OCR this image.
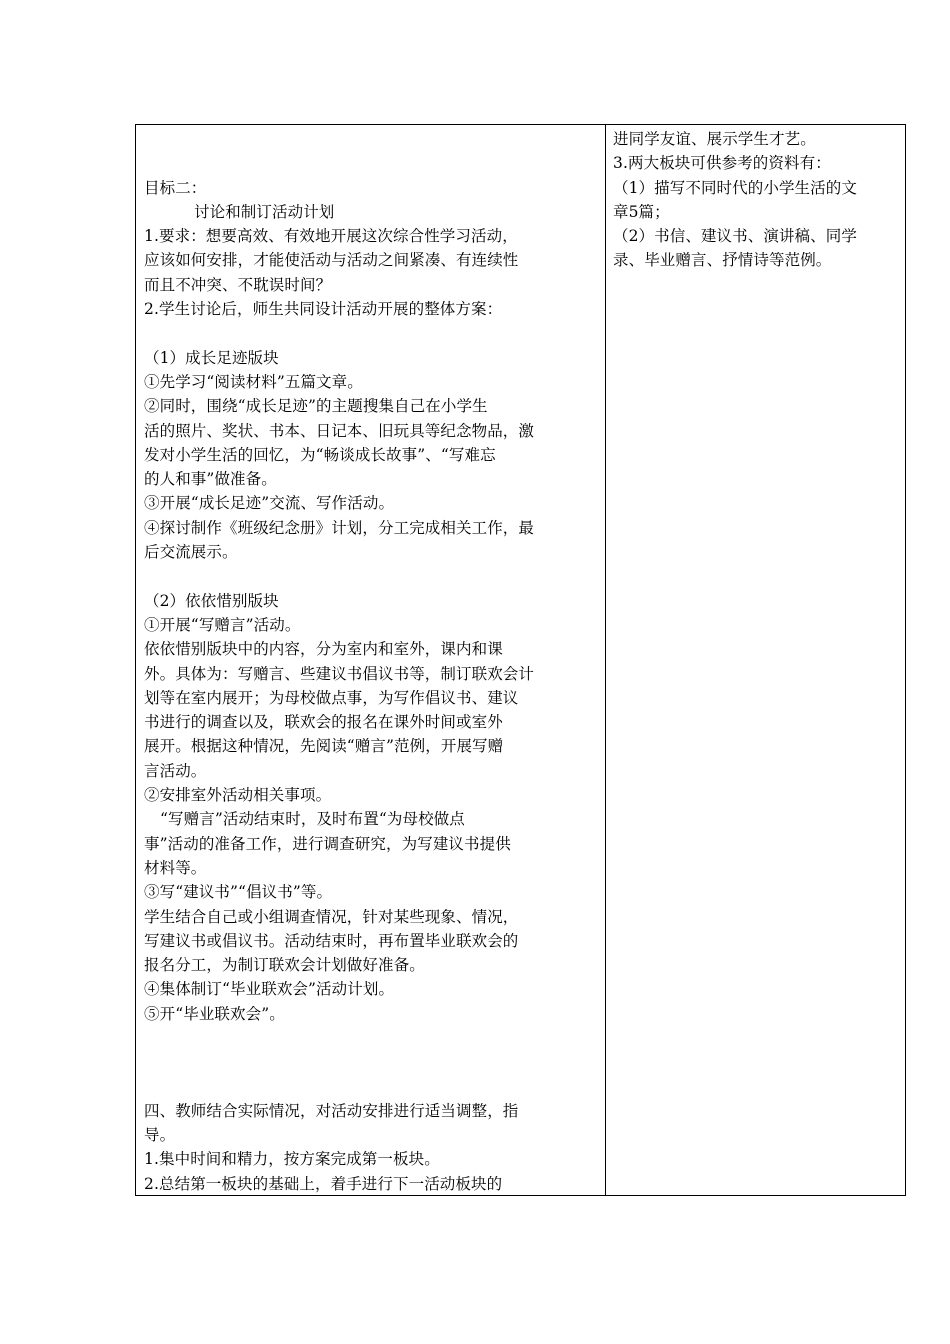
目标二：
讨论和制订活动计划
1.要求：想要高效、有效地开展这次综合性学习活动，
应该如何安排，才能使活动与活动之间紧凑、有连续性
而且不冲突、不耽误时间？
2.学生讨论后，师生共同设计活动开展的整体方案：
（1）成长足迹版块
①先学习“阅读材料”五篇文章。
②同时，围绕“成长足迹”的主题搜集自己在小学生
活的照片、奖状、书本、日记本、旧玩具等纪念物品，激
发对小学生活的回忆，为“畅谈成长故事”、“写难忘
的人和事”做准备。
③开展“成长足迹”交流、写作活动。
④探讨制作《班级纪念册》计划，分工完成相关工作，最
后交流展示。
（2）依依惜别版块
①开展“写赠言”活动。
依依惜别版块中的内容，分为室内和室外，课内和课
外。具体为：写赠言、些建议书倡议书等，制订联欢会计
划等在室内展开；为母校做点事，为写作倡议书、建议
书进行的调查以及，联欢会的报名在课外时间或室外
展开。根据这种情况，先阅读“赠言”范例，开展写赠
言活动。
②安排室外活动相关事项。
“写赠言”活动结束时，及时布置“为母校做点
事”活动的准备工作，进行调查研究，为写建议书提供
材料等。
③写“建议书”“倡议书”等。
学生结合自己或小组调查情况，针对某些现象、情况，
写建议书或倡议书。活动结束时，再布置毕业联欢会的
报名分工，为制订联欢会计划做好准备。
④集体制订“毕业联欢会”活动计划。
⑤开“毕业联欢会”。
四、教师结合实际情况，对活动安排进行适当调整，指
导。
1.集中时间和精力，按方案完成第一板块。
2.总结第一板块的基础上，着手进行下一活动板块的
进同学友谊、展示学生才艺。
3.两大板块可供参考的资料有：
（1）描写不同时代的小学生活的文
章5篇；
（2）书信、建议书、演讲稿、同学
录、毕业赠言、抒情诗等范例。
